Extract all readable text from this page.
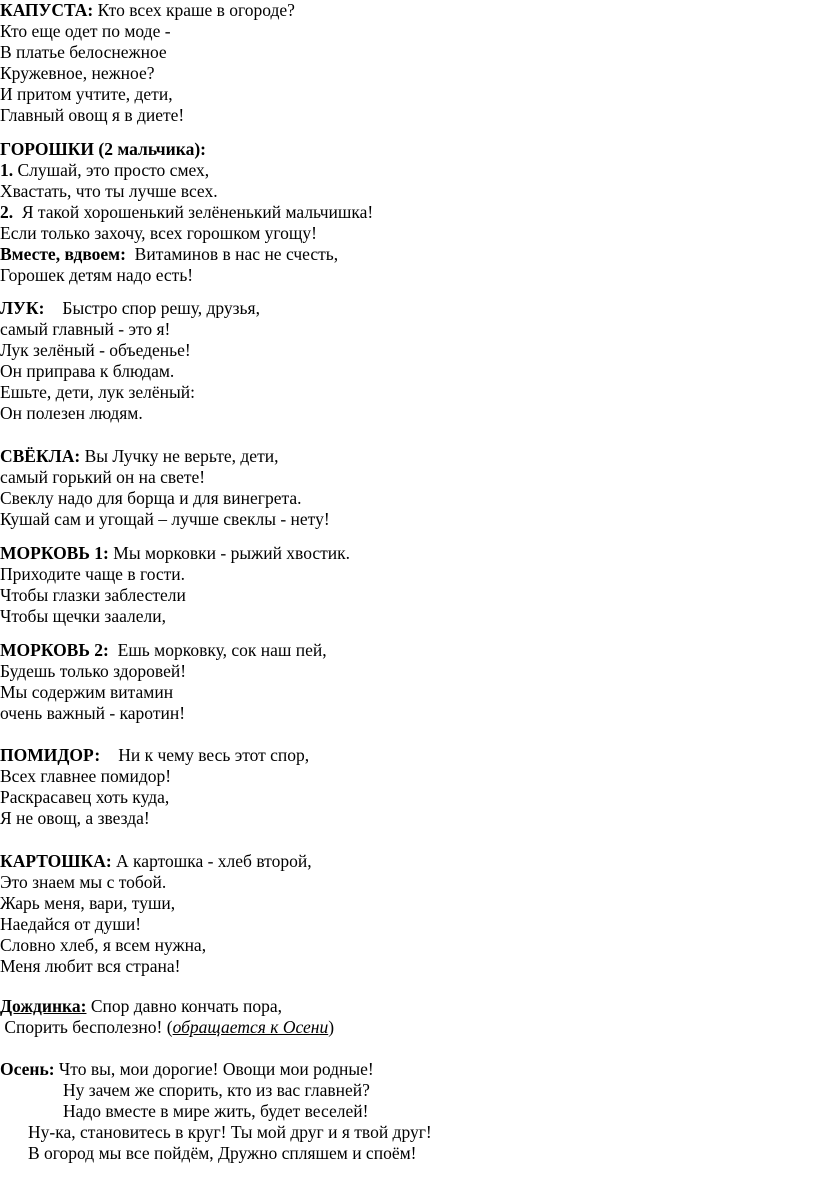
КАПУСТА: Кто всех краше в огороде?
Кто еще одет по моде -
В платье белоснежное
Кружевное, нежное?
И притом учтите, дети,
Главный овощ я в диете!
ГОРОШКИ (2 мальчика):
1. Слушай, это просто смех,
Хвастать, что ты лучше всех.
2. Я такой хорошенький зелёненький мальчишка!
Если только захочу, всех горошком угощу!
Вместе, вдвоем: Витаминов в нас не счесть,
Горошек детям надо есть!
ЛУК: Быстро спор решу, друзья,
самый главный - это я!
Лук зелёный - объеденье!
Он приправа к блюдам.
Ешьте, дети, лук зелёный:
Он полезен людям.
СВЁКЛА: Вы Лучку не верьте, дети,
самый горький он на свете!
Свеклу надо для борща и для винегрета.
Кушай сам и угощай – лучше свеклы - нету!
МОРКОВЬ 1: Мы морковки - рыжий хвостик.
Приходите чаще в гости.
Чтобы глазки заблестели
Чтобы щечки заалели,
МОРКОВЬ 2: Ешь морковку, сок наш пей,
Будешь только здоровей!
Мы содержим витамин
очень важный - каротин!
ПОМИДОР: Ни к чему весь этот спор,
Всех главнее помидор!
Раскрасавец хоть куда,
Я не овощ, а звезда!
КАРТОШКА: А картошка - хлеб второй,
Это знаем мы с тобой.
Жарь меня, вари, туши,
Наедайся от души!
Словно хлеб, я всем нужна,
Меня любит вся страна!
Дождинка: Спор давно кончать пора,
Спорить бесполезно! (обращается к Осени)
Осень: Что вы, мои дорогие! Овощи мои родные!
Ну зачем же спорить, кто из вас главней?
Надо вместе в мире жить, будет веселей!
Ну-ка, становитесь в круг! Ты мой друг и я твой друг!
В огород мы все пойдём, Дружно спляшем и споём!
